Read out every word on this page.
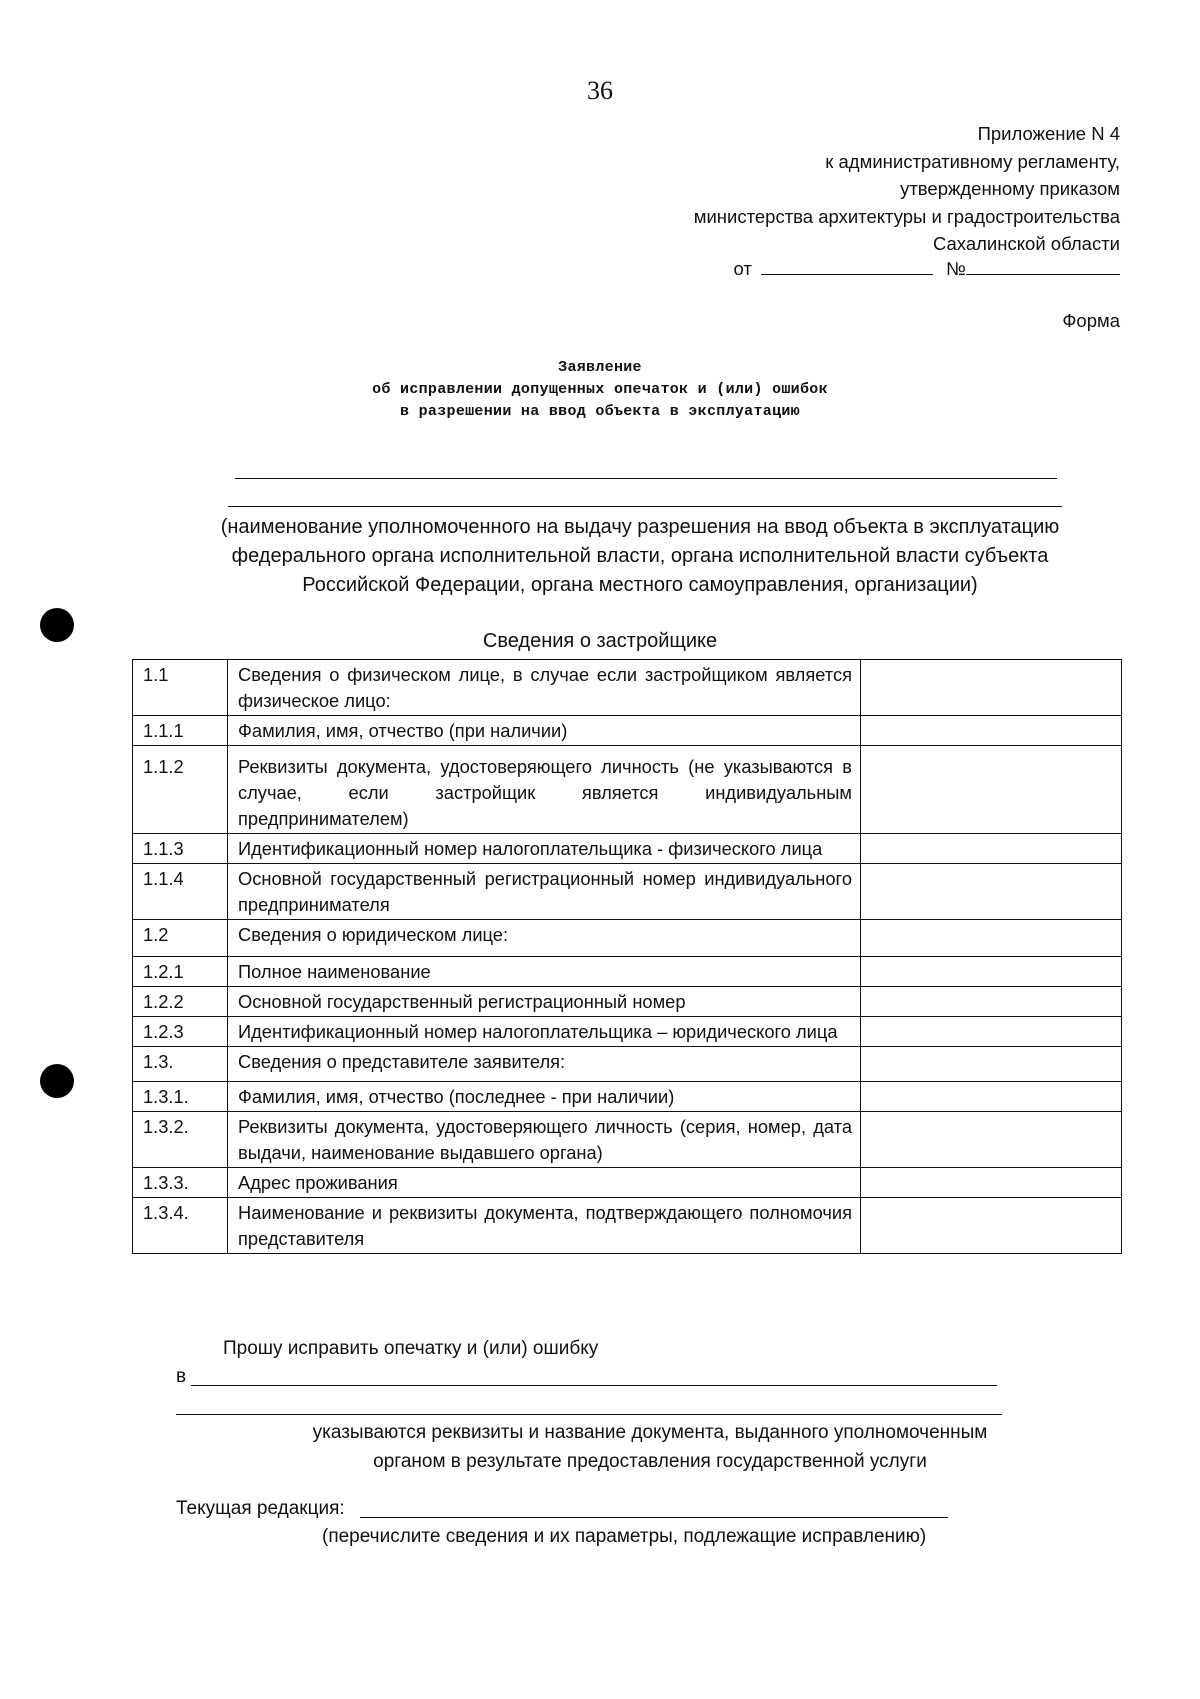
36
Приложение N 4
к административному регламенту,
утвержденному приказом
министерства архитектуры и градостроительства
Сахалинской области
от	№
Форма
Заявление
об исправлении допущенных опечаток и (или) ошибок
в разрешении на ввод объекта в эксплуатацию
(наименование уполномоченного на выдачу разрешения на ввод объекта в эксплуатацию
федерального органа исполнительной власти, органа исполнительной власти субъекта
Российской Федерации, органа местного самоуправления, организации)
Сведения о застройщике
1.1	Сведения о физическом лице, в случае если застройщиком является физическое лицо:	
1.1.1	Фамилия, имя, отчество (при наличии)	
1.1.2	Реквизиты документа, удостоверяющего личность (не указываются в случае, если застройщик является индивидуальным предпринимателем)	
1.1.3	Идентификационный номер налогоплательщика - физического лица	
1.1.4	Основной государственный регистрационный номер индивидуального предпринимателя	
1.2	Сведения о юридическом лице:	
1.2.1	Полное наименование	
1.2.2	Основной государственный регистрационный номер	
1.2.3	Идентификационный номер налогоплательщика – юридического лица	
1.3.	Сведения о представителе заявителя:	
1.3.1.	Фамилия, имя, отчество (последнее - при наличии)	
1.3.2.	Реквизиты документа, удостоверяющего личность (серия, номер, дата выдачи, наименование выдавшего органа)	
1.3.3.	Адрес проживания	
1.3.4.	Наименование и реквизиты документа, подтверждающего полномочия представителя	
Прошу исправить опечатку и (или) ошибку
в
указываются реквизиты и название документа, выданного уполномоченным
органом в результате предоставления государственной услуги
Текущая редакция:
(перечислите сведения и их параметры, подлежащие исправлению)
